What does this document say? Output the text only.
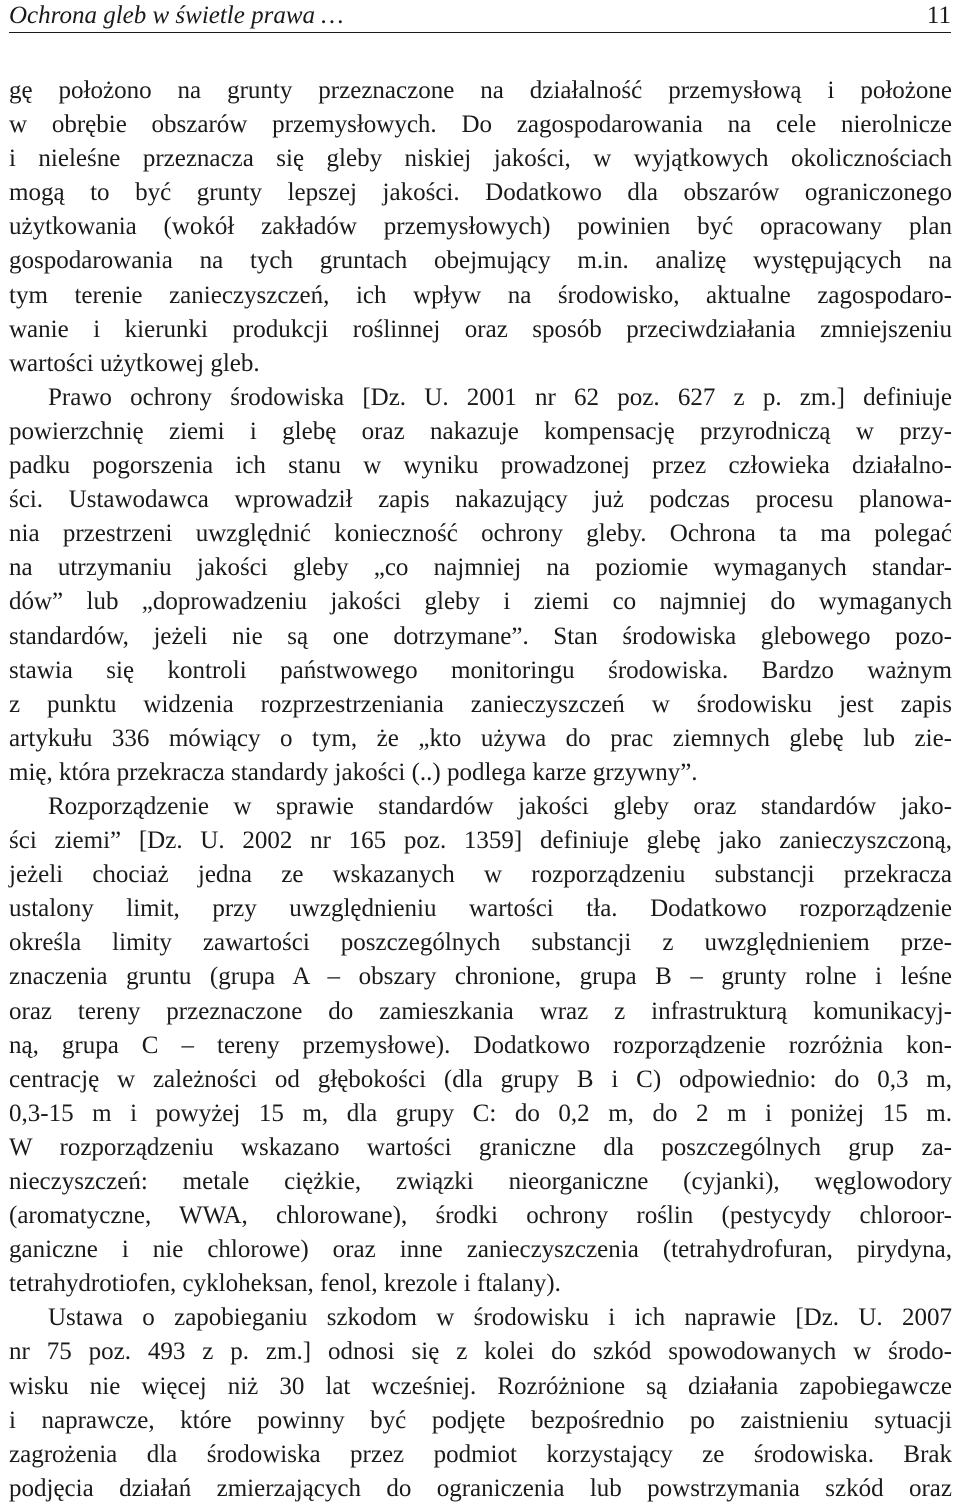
Ochrona gleb w świetle prawa …	11
gę położono na grunty przeznaczone na działalność przemysłową i położone
w obrębie obszarów przemysłowych. Do zagospodarowania na cele nierolnicze
i nieleśne przeznacza się gleby niskiej jakości, w wyjątkowych okolicznościach
mogą to być grunty lepszej jakości. Dodatkowo dla obszarów ograniczonego
użytkowania (wokół zakładów przemysłowych) powinien być opracowany plan
gospodarowania na tych gruntach obejmujący m.in. analizę występujących na
tym terenie zanieczyszczeń, ich wpływ na środowisko, aktualne zagospodaro-
wanie i kierunki produkcji roślinnej oraz sposób przeciwdziałania zmniejszeniu
wartości użytkowej gleb.
Prawo ochrony środowiska [Dz. U. 2001 nr 62 poz. 627 z p. zm.] definiuje
powierzchnię ziemi i glebę oraz nakazuje kompensację przyrodniczą w przy-
padku pogorszenia ich stanu w wyniku prowadzonej przez człowieka działalno-
ści. Ustawodawca wprowadził zapis nakazujący już podczas procesu planowa-
nia przestrzeni uwzględnić konieczność ochrony gleby. Ochrona ta ma polegać
na utrzymaniu jakości gleby „co najmniej na poziomie wymaganych standar-
dów” lub „doprowadzeniu jakości gleby i ziemi co najmniej do wymaganych
standardów, jeżeli nie są one dotrzymane”. Stan środowiska glebowego pozo-
stawia się kontroli państwowego monitoringu środowiska. Bardzo ważnym
z punktu widzenia rozprzestrzeniania zanieczyszczeń w środowisku jest zapis
artykułu 336 mówiący o tym, że „kto używa do prac ziemnych glebę lub zie-
mię, która przekracza standardy jakości (..) podlega karze grzywny”.
Rozporządzenie w sprawie standardów jakości gleby oraz standardów jako-
ści ziemi” [Dz. U. 2002 nr 165 poz. 1359] definiuje glebę jako zanieczyszczoną,
jeżeli chociaż jedna ze wskazanych w rozporządzeniu substancji przekracza
ustalony limit, przy uwzględnieniu wartości tła. Dodatkowo rozporządzenie
określa limity zawartości poszczególnych substancji z uwzględnieniem prze-
znaczenia gruntu (grupa A – obszary chronione, grupa B – grunty rolne i leśne
oraz tereny przeznaczone do zamieszkania wraz z infrastrukturą komunikacyj-
ną, grupa C – tereny przemysłowe). Dodatkowo rozporządzenie rozróżnia kon-
centrację w zależności od głębokości (dla grupy B i C) odpowiednio: do 0,3 m,
0,3-15 m i powyżej 15 m, dla grupy C: do 0,2 m, do 2 m i poniżej 15 m.
W rozporządzeniu wskazano wartości graniczne dla poszczególnych grup za-
nieczyszczeń: metale ciężkie, związki nieorganiczne (cyjanki), węglowodory
(aromatyczne, WWA, chlorowane), środki ochrony roślin (pestycydy chloroor-
ganiczne i nie chlorowe) oraz inne zanieczyszczenia (tetrahydrofuran, pirydyna,
tetrahydrotiofen, cykloheksan, fenol, krezole i ftalany).
Ustawa o zapobieganiu szkodom w środowisku i ich naprawie [Dz. U. 2007
nr 75 poz. 493 z p. zm.] odnosi się z kolei do szkód spowodowanych w środo-
wisku nie więcej niż 30 lat wcześniej. Rozróżnione są działania zapobiegawcze
i naprawcze, które powinny być podjęte bezpośrednio po zaistnieniu sytuacji
zagrożenia dla środowiska przez podmiot korzystający ze środowiska. Brak
podjęcia działań zmierzających do ograniczenia lub powstrzymania szkód oraz
